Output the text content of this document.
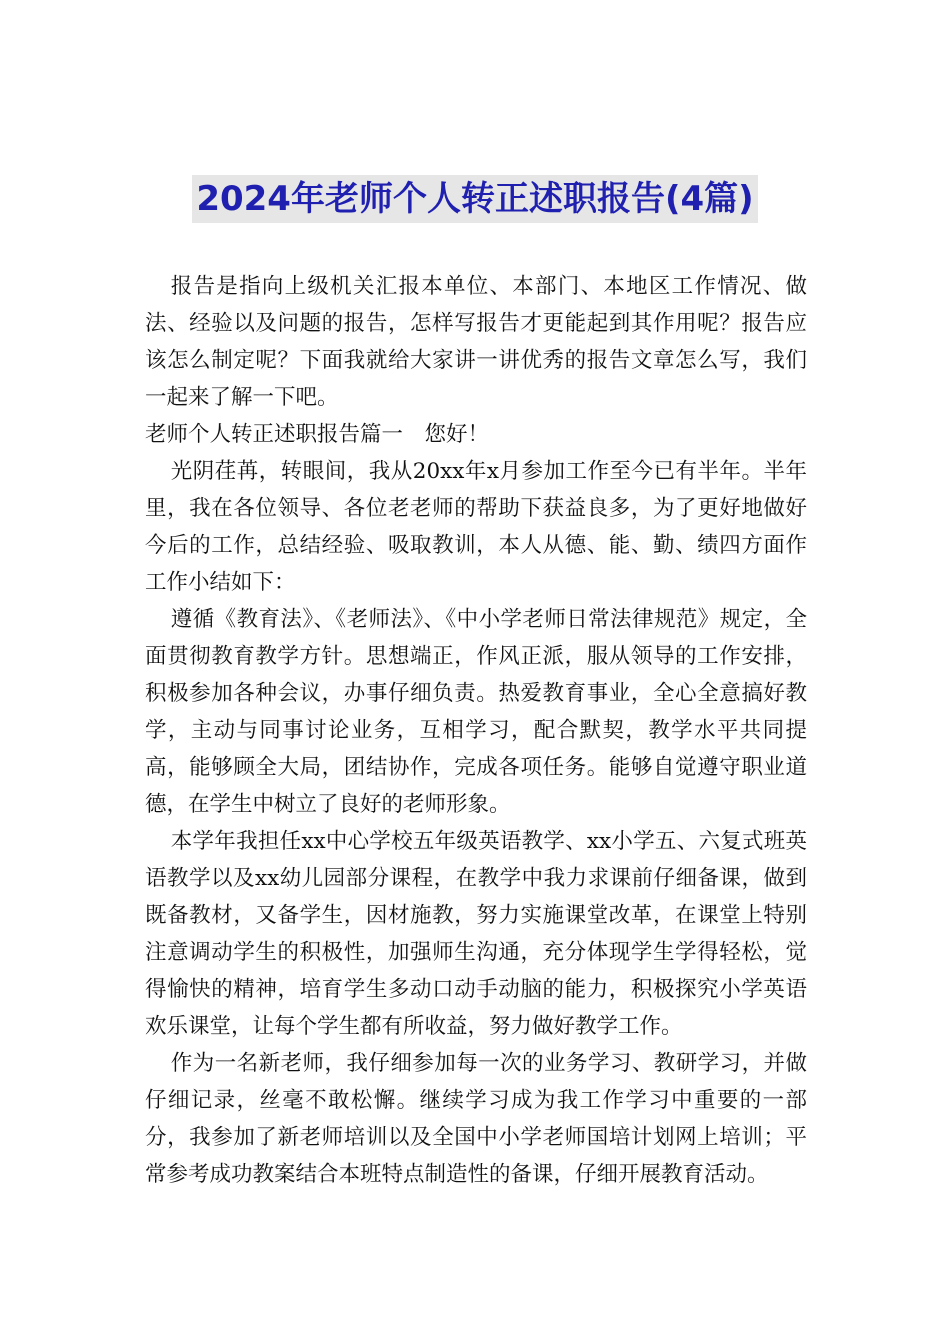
2024年老师个人转正述职报告(4篇)

报告是指向上级机关汇报本单位、本部门、本地区工作情况、做法、经验以及问题的报告，怎样写报告才更能起到其作用呢？报告应该怎么制定呢？下面我就给大家讲一讲优秀的报告文章怎么写，我们一起来了解一下吧。

老师个人转正述职报告篇一　您好！

光阴荏苒，转眼间，我从20xx年x月参加工作至今已有半年。半年里，我在各位领导、各位老老师的帮助下获益良多，为了更好地做好今后的工作，总结经验、吸取教训，本人从德、能、勤、绩四方面作工作小结如下：

遵循《教育法》、《老师法》、《中小学老师日常法律规范》规定，全面贯彻教育教学方针。思想端正，作风正派，服从领导的工作安排，积极参加各种会议，办事仔细负责。热爱教育事业，全心全意搞好教学，主动与同事讨论业务，互相学习，配合默契，教学水平共同提高，能够顾全大局，团结协作，完成各项任务。能够自觉遵守职业道德，在学生中树立了良好的老师形象。

本学年我担任xx中心学校五年级英语教学、xx小学五、六复式班英语教学以及xx幼儿园部分课程，在教学中我力求课前仔细备课，做到既备教材，又备学生，因材施教，努力实施课堂改革，在课堂上特别注意调动学生的积极性，加强师生沟通，充分体现学生学得轻松，觉得愉快的精神，培育学生多动口动手动脑的能力，积极探究小学英语欢乐课堂，让每个学生都有所收益，努力做好教学工作。

作为一名新老师，我仔细参加每一次的业务学习、教研学习，并做仔细记录，丝毫不敢松懈。继续学习成为我工作学习中重要的一部分，我参加了新老师培训以及全国中小学老师国培计划网上培训；平常参考成功教案结合本班特点制造性的备课，仔细开展教育活动。
